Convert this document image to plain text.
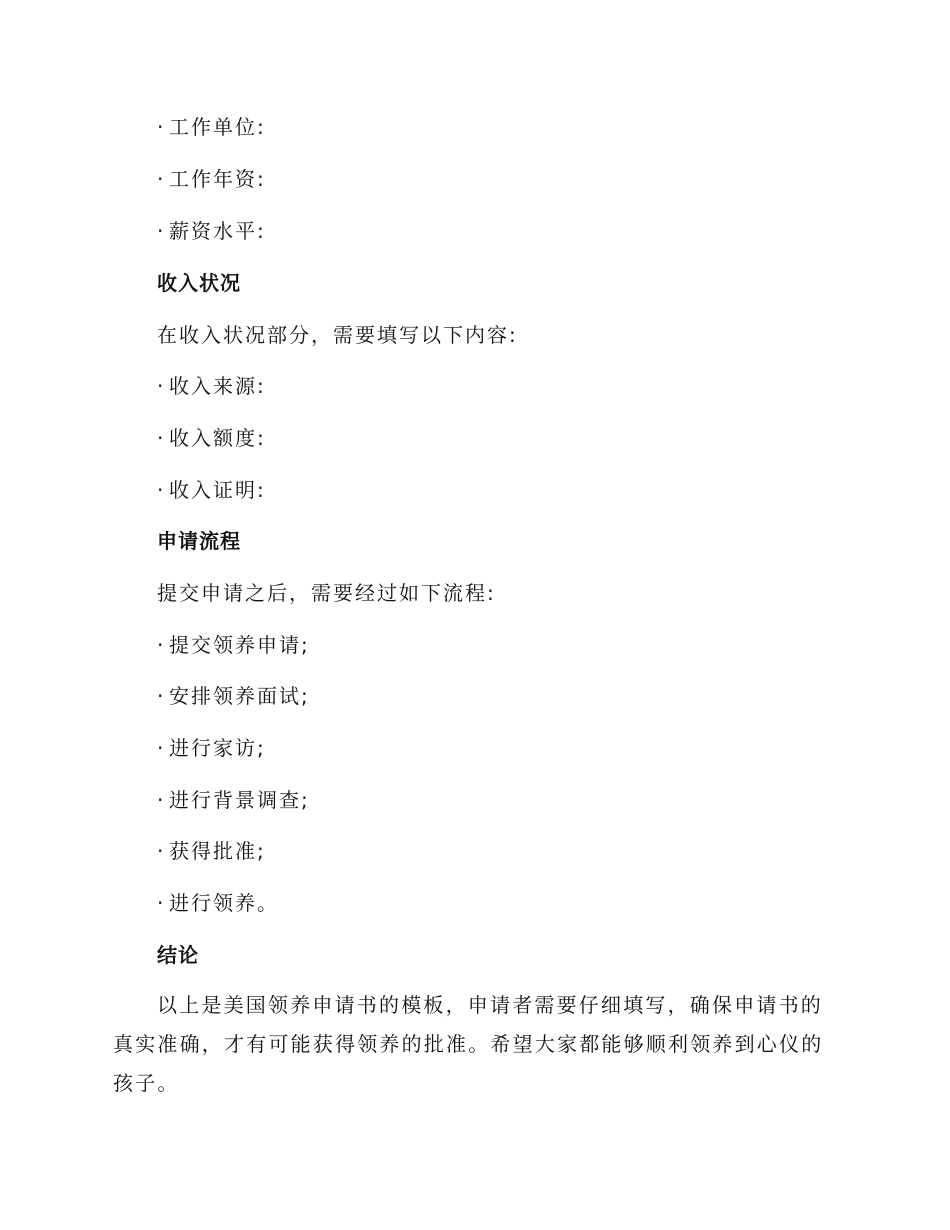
· 工作单位:
· 工作年资:
· 薪资水平:
收入状况
在收入状况部分，需要填写以下内容:
· 收入来源:
· 收入额度:
· 收入证明:
申请流程
提交申请之后，需要经过如下流程:
· 提交领养申请;
· 安排领养面试;
· 进行家访;
· 进行背景调查;
· 获得批准;
· 进行领养。
结论
以上是美国领养申请书的模板，申请者需要仔细填写，确保申请书的真实准确，才有可能获得领养的批准。希望大家都能够顺利领养到心仪的孩子。
